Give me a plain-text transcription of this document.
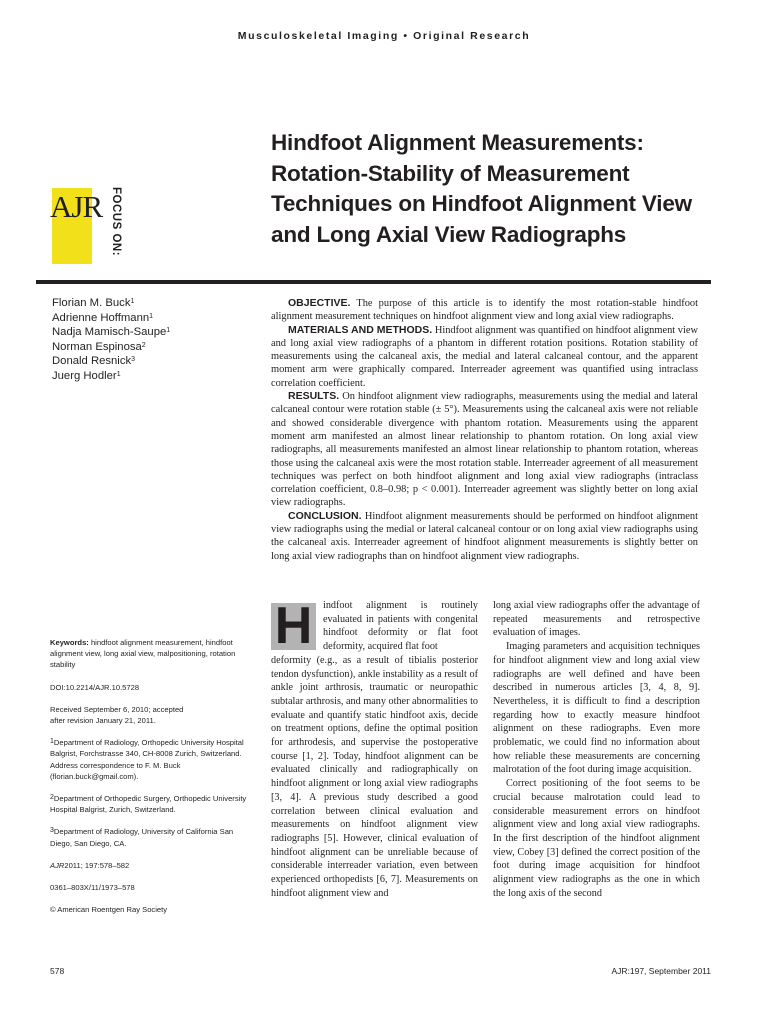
Musculoskeletal Imaging • Original Research
AJR FOCUS ON:
Hindfoot Alignment Measurements: Rotation-Stability of Measurement Techniques on Hindfoot Alignment View and Long Axial View Radiographs
Florian M. Buck$^1$
Adrienne Hoffmann$^1$
Nadja Mamisch-Saupe$^1$
Norman Espinosa$^2$
Donald Resnick$^3$
Juerg Hodler$^1$

OBJECTIVE. The purpose of this article is to identify the most rotation-stable hindfoot alignment measurement techniques on hindfoot alignment view and long axial view radiographs.

MATERIALS AND METHODS. Hindfoot alignment was quantified on hindfoot alignment view and long axial view radiographs of a phantom in different rotation positions. Rotation stability of measurements using the calcaneal axis, the medial and lateral calcaneal contour, and the apparent moment arm were graphically compared. Interreader agreement was quantified using intraclass correlation coefficient.

RESULTS. On hindfoot alignment view radiographs, measurements using the medial and lateral calcaneal contour were rotation stable (± 5°). Measurements using the calcaneal axis were not reliable and showed considerable divergence with phantom rotation. Measurements using the apparent moment arm manifested an almost linear relationship to phantom rotation. On long axial view radiographs, all measurements manifested an almost linear relationship to phantom rotation, whereas those using the calcaneal axis were the most rotation stable. Interreader agreement of all measurement techniques was perfect on both hindfoot alignment and long axial view radiographs (intraclass correlation coefficient, 0.8–0.98; p < 0.001). Interreader agreement was slightly better on long axial view radiographs.

CONCLUSION. Hindfoot alignment measurements should be performed on hindfoot alignment view radiographs using the medial or lateral calcaneal contour or on long axial view radiographs using the calcaneal axis. Interreader agreement of hindfoot alignment measurements is slightly better on long axial view radiographs than on hindfoot alignment view radiographs.

Keywords: hindfoot alignment measurement, hindfoot alignment view, long axial view, malpositioning, rotation stability

DOI:10.2214/AJR.10.5728

Received September 6, 2010; accepted
after revision January 21, 2011.

$^1$Department of Radiology, Orthopedic University Hospital Balgrist, Forchstrasse 340, CH-8008 Zurich, Switzerland. Address correspondence to F. M. Buck (florian.buck@gmail.com).

$^2$Department of Orthopedic Surgery, Orthopedic University Hospital Balgrist, Zurich, Switzerland.

$^3$Department of Radiology, University of California San Diego, San Diego, CA.

AJR2011; 197:578–582

0361–803X/11/1973–578

© American Roentgen Ray Society

H	indfoot alignment is routinely evaluated in patients with congenital hindfoot deformity or flat foot deformity, acquired flat foot

deformity (e.g., as a result of tibialis posterior tendon dysfunction), ankle instability as a result of ankle joint arthrosis, traumatic or neuropathic subtalar arthrosis, and many other abnormalities to evaluate and quantify static hindfoot axis, decide on treatment options, define the optimal position for arthrodesis, and supervise the postoperative course [1, 2]. Today, hindfoot alignment can be evaluated clinically and radiographically on hindfoot alignment or long axial view radiographs [3, 4]. A previous study described a good correlation between clinical evaluation and measurements on hindfoot alignment view radiographs [5]. However, clinical evaluation of hindfoot alignment can be unreliable because of considerable interreader variation, even between experienced orthopedists [6, 7]. Measurements on hindfoot alignment view and

long axial view radiographs offer the advantage of repeated measurements and retrospective evaluation of images.

Imaging parameters and acquisition techniques for hindfoot alignment view and long axial view radiographs are well defined and have been described in numerous articles [3, 4, 8, 9]. Nevertheless, it is difficult to find a description regarding how to exactly measure hindfoot alignment on these radiographs. Even more problematic, we could find no information about how reliable these measurements are concerning malrotation of the foot during image acquisition.

Correct positioning of the foot seems to be crucial because malrotation could lead to considerable measurement errors on hindfoot alignment view and long axial view radiographs. In the first description of the hindfoot alignment view, Cobey [3] defined the correct position of the foot during image acquisition for hindfoot alignment view radiographs as the one in which the long axis of the second

578	AJR:197, September 2011
